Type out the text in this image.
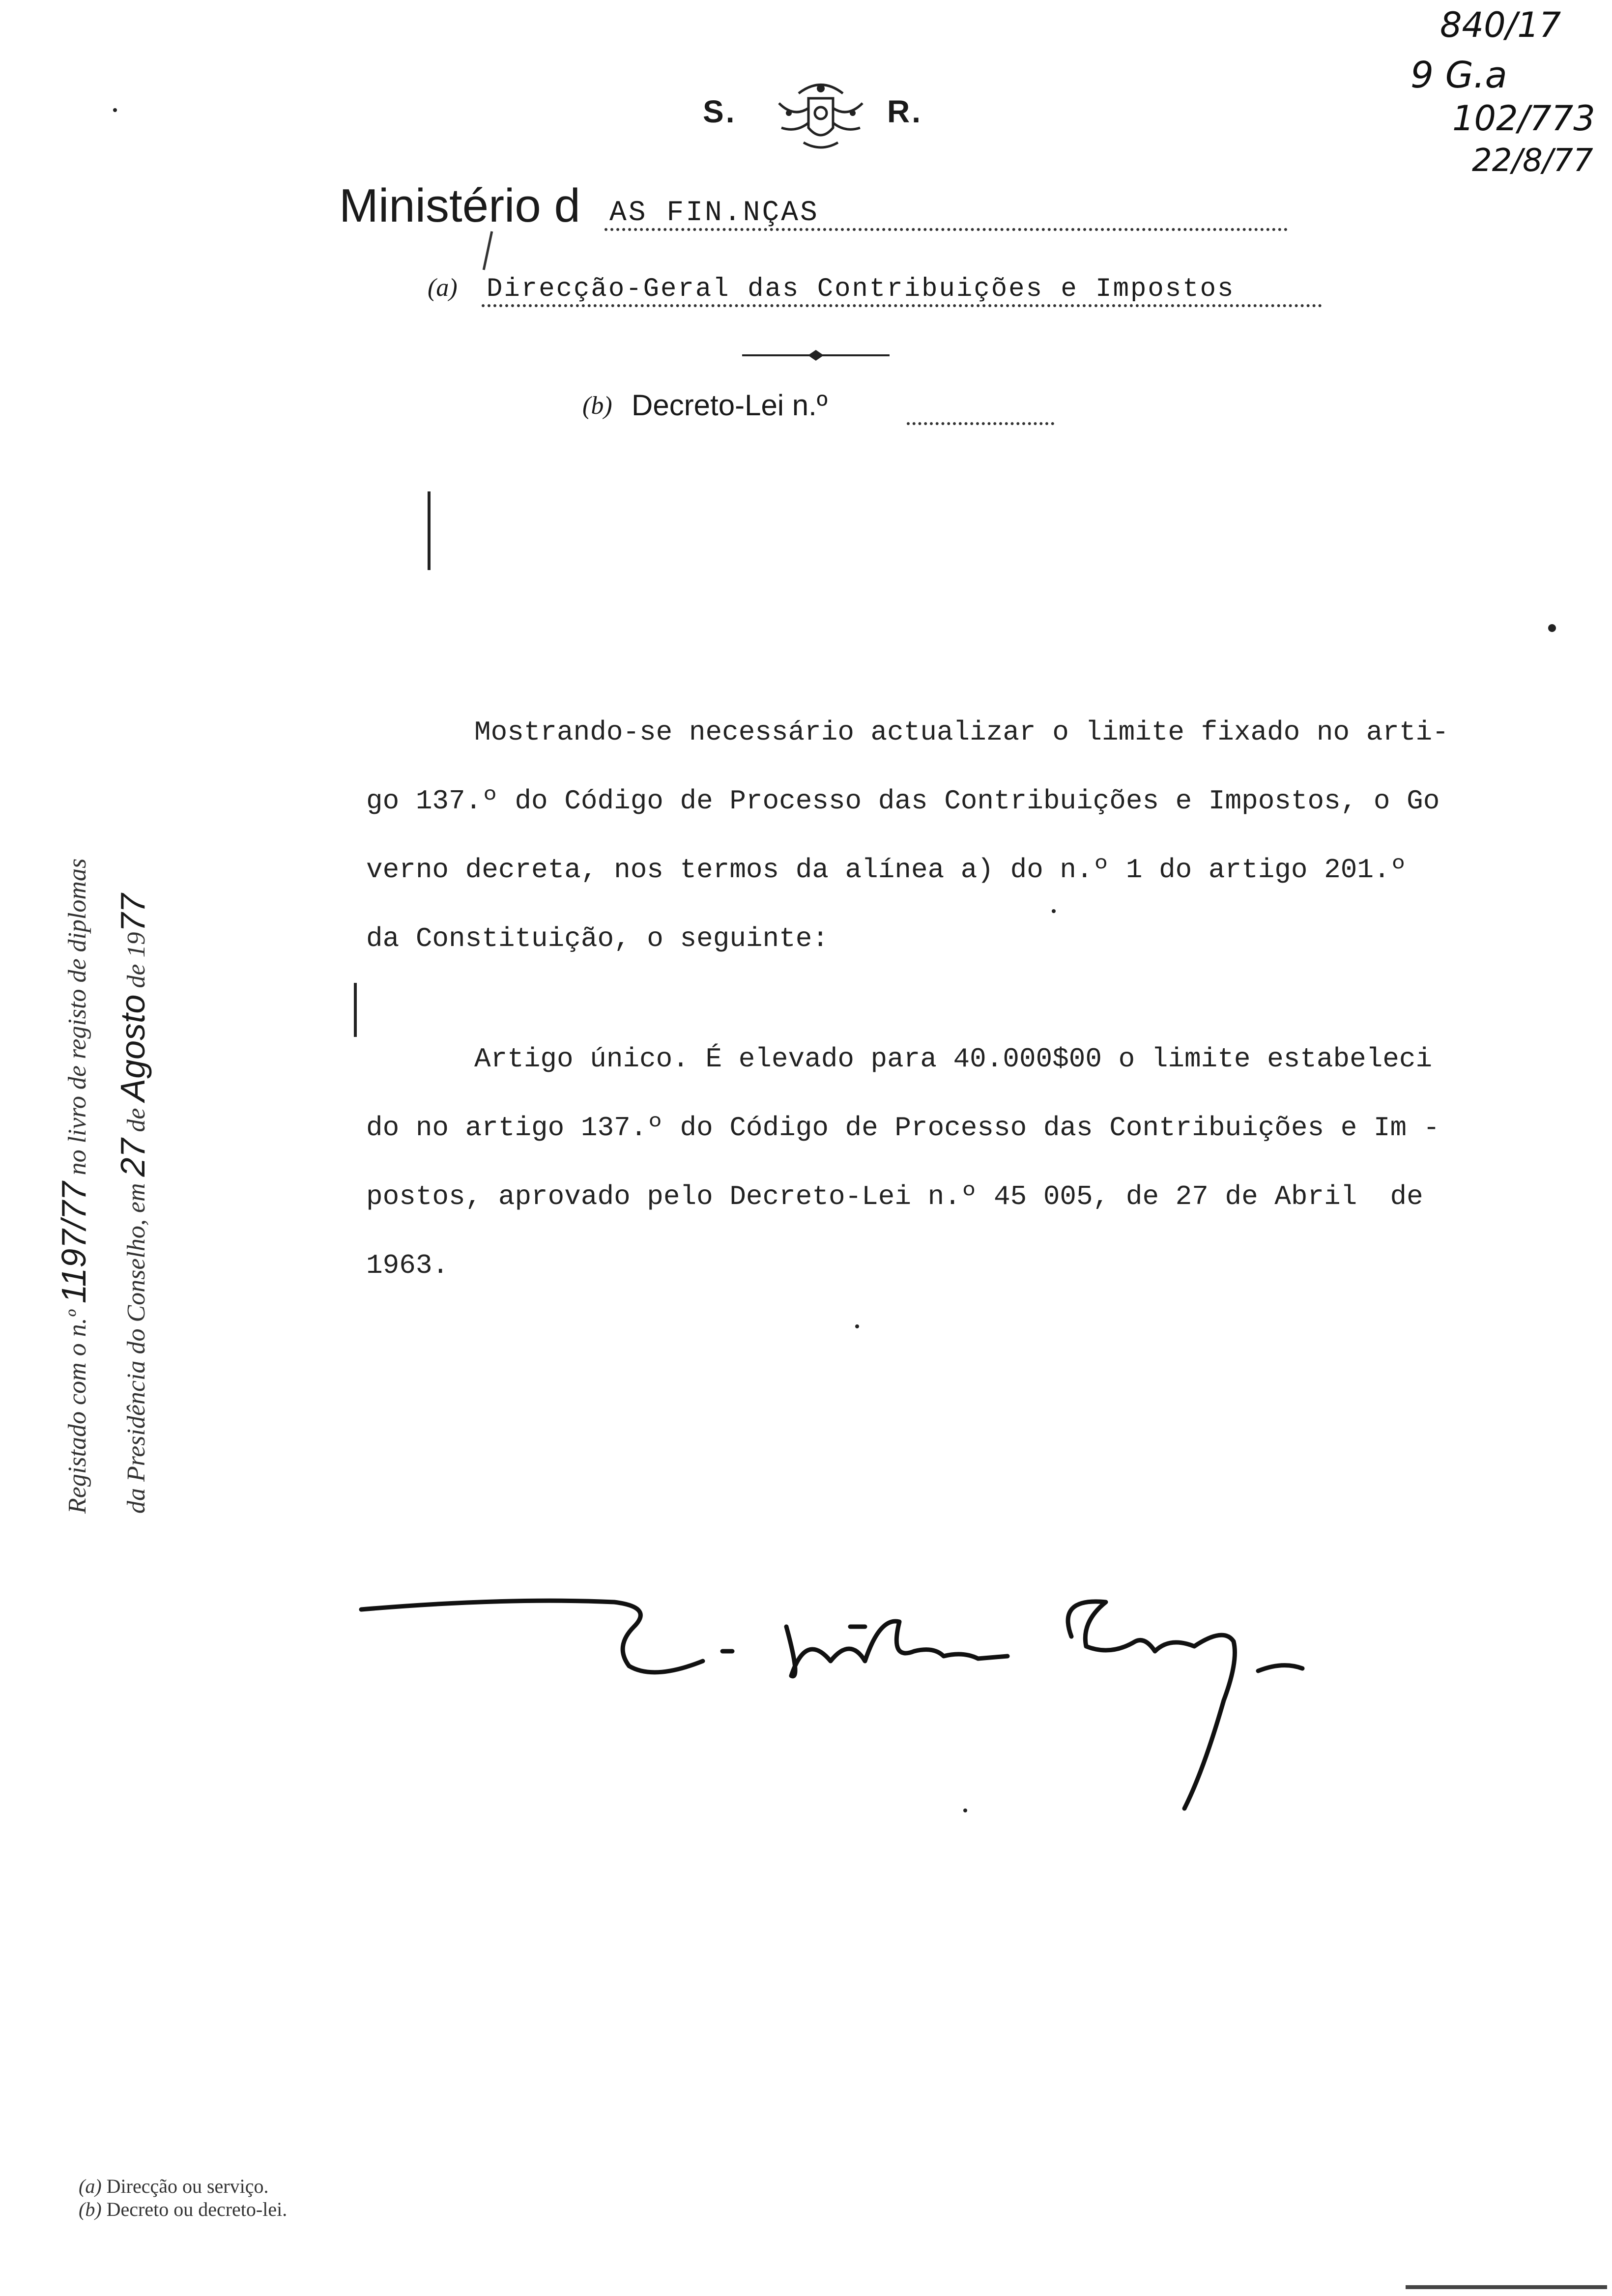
S.	R.
Ministério d AS FIN.NÇAS
(a) Direcção-Geral das Contribuições e Impostos
(b) Decreto-Lei n.º
Mostrando-se necessário actualizar o limite fixado no arti-
go 137.º do Código de Processo das Contribuições e Impostos, o Go
verno decreta, nos termos da alínea a) do n.º 1 do artigo 201.º
da Constituição, o seguinte:
Artigo único. É elevado para 40.000$00 o limite estabeleci
do no artigo 137.º do Código de Processo das Contribuições e Im -
postos, aprovado pelo Decreto-Lei n.º 45 005, de 27 de Abril  de
1963.
Registado com o n.º 1197/77 no livro de registo de diplomas
da Presidência do Conselho, em 27 de Agosto de 1977
840/17
9 G.a
102/773
22/8/77
(a) Direcção ou serviço.
(b) Decreto ou decreto-lei.
